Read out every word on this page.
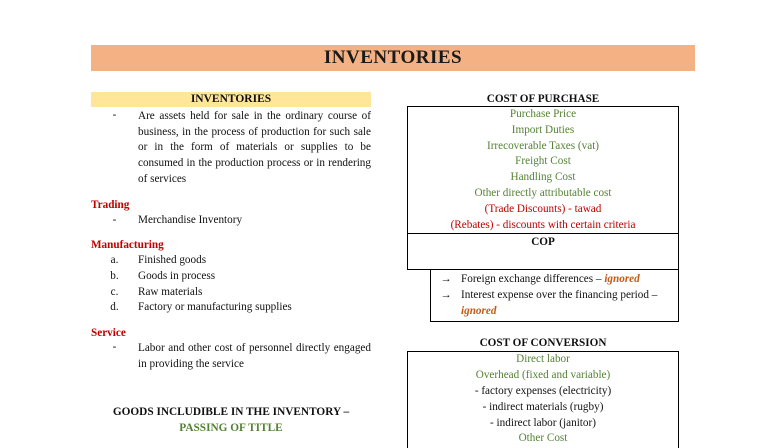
INVENTORIES
INVENTORIES
-	Are assets held for sale in the ordinary course of business, in the process of production for such sale or in the form of materials or supplies to be consumed in the production process or in rendering of services
Trading
-	Merchandise Inventory
Manufacturing
a.	Finished goods
b.	Goods in process
c.	Raw materials
d.	Factory or manufacturing supplies
Service
-	Labor and other cost of personnel directly engaged in providing the service
GOODS INCLUDIBLE IN THE INVENTORY – PASSING OF TITLE
COST OF PURCHASE
Purchase Price
Import Duties
Irrecoverable Taxes (vat)
Freight Cost
Handling Cost
Other directly attributable cost
(Trade Discounts) - tawad
(Rebates) - discounts with certain criteria
COP
→ Foreign exchange differences – ignored
→ Interest expense over the financing period –
ignored
COST OF CONVERSION
Direct labor
Overhead (fixed and variable)
- factory expenses (electricity)
- indirect materials (rugby)
- indirect labor (janitor)
Other Cost
